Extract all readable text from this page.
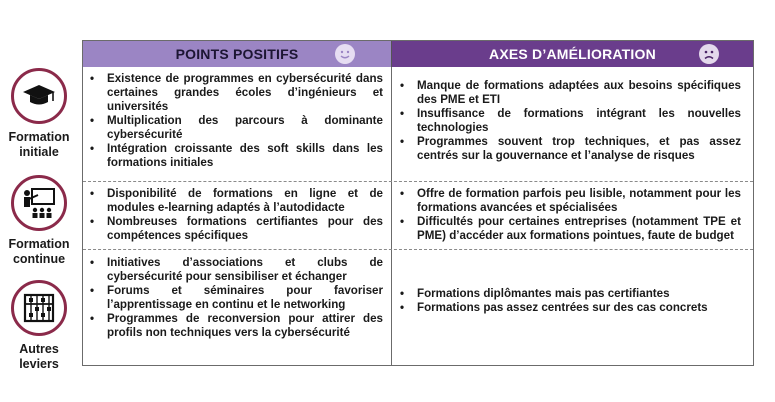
Formation
initiale
Formation
continue
Autres
leviers
POINTS POSITIFS	AXES D’AMÉLIORATION
• Existence de programmes en cybersécurité dans certaines grandes écoles d’ingénieurs et universités
• Multiplication des parcours à dominante cybersécurité
• Intégration croissante des soft skills dans les formations initiales
• Manque de formations adaptées aux besoins spécifiques des PME et ETI
• Insuffisance de formations intégrant les nouvelles technologies
• Programmes souvent trop techniques, et pas assez centrés sur la gouvernance et l’analyse de risques
• Disponibilité de formations en ligne et de modules e-learning adaptés à l’autodidacte
• Nombreuses formations certifiantes pour des compétences spécifiques
• Offre de formation parfois peu lisible, notamment pour les formations avancées et spécialisées
• Difficultés pour certaines entreprises (notamment TPE et PME) d’accéder aux formations pointues, faute de budget
• Initiatives d’associations et clubs de cybersécurité pour sensibiliser et échanger
• Forums et séminaires pour favoriser l’apprentissage en continu et le networking
• Programmes de reconversion pour attirer des profils non techniques vers la cybersécurité
• Formations diplômantes mais pas certifiantes
• Formations pas assez centrées sur des cas concrets
